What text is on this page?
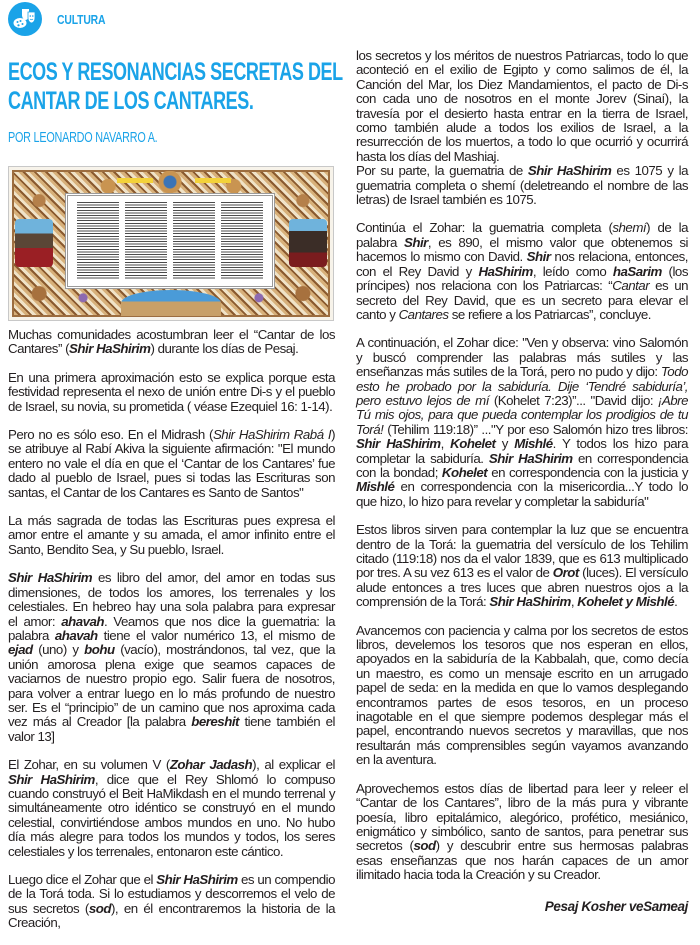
CULTURA
ECOS Y RESONANCIAS SECRETAS DEL
CANTAR DE LOS CANTARES.
POR LEONARDO NAVARRO A.

Muchas comunidades acostumbran leer el “Cantar de los Cantares” (Shir HaShirim) durante los días de Pesaj.

En una primera aproximación esto se explica porque esta festividad representa el nexo de unión entre Di-s y el pueblo de Israel, su novia, su prometida ( véase Ezequiel 16: 1-14).

Pero no es sólo eso. En el Midrash (Shir HaShirim Rabá I) se atribuye al Rabí Akiva la siguiente afirmación: "El mundo entero no vale el día en que el ‘Cantar de los Cantares’ fue dado al pueblo de Israel, pues si todas las Escrituras son santas, el Cantar de los Cantares es Santo de Santos"

La más sagrada de todas las Escrituras pues expresa el amor entre el amante y su amada, el amor infinito entre el Santo, Bendito Sea, y Su pueblo, Israel.

Shir HaShirim es libro del amor, del amor en todas sus dimensiones, de todos los amores, los terrenales y los celestiales. En hebreo hay una sola palabra para expresar el amor: ahavah. Veamos que nos dice la guematria: la palabra ahavah tiene el valor numérico 13, el mismo de ejad (uno) y bohu (vacío), mostrándonos, tal vez, que la unión amorosa plena exige que seamos capaces de vaciarnos de nuestro propio ego. Salir fuera de nosotros, para volver a entrar luego en lo más profundo de nuestro ser. Es el “principio” de un camino que nos aproxima cada vez más al Creador [la palabra bereshit tiene también el valor 13]

El Zohar, en su volumen V (Zohar Jadash), al explicar el Shir HaShirim, dice que el Rey Shlomó lo compuso cuando construyó el Beit HaMikdash en el mundo terrenal y simultáneamente otro idéntico se construyó en el mundo celestial, convirtiéndose ambos mundos en uno. No hubo día más alegre para todos los mundos y todos, los seres celestiales y los terrenales, entonaron este cántico.

Luego dice el Zohar que el Shir HaShirim es un compendio de la Torá toda. Si lo estudiamos y descorremos el velo de sus secretos (sod), en él encontraremos la historia de la Creación,

los secretos y los méritos de nuestros Patriarcas, todo lo que aconteció en el exilio de Egipto y como salimos de él, la Canción del Mar, los Diez Mandamientos, el pacto de Di-s con cada uno de nosotros en el monte Jorev (Sinaí), la travesía por el desierto hasta entrar en la tierra de Israel, como también alude a todos los exilios de Israel, a la resurrección de los muertos, a todo lo que ocurrió y ocurrirá hasta los días del Mashiaj.

Por su parte, la guematria de Shir HaShirim es 1075 y la guematria completa o shemí (deletreando el nombre de las letras) de Israel también es 1075.

Continúa el Zohar: la guematria completa (shemí) de la palabra Shir, es 890, el mismo valor que obtenemos si hacemos lo mismo con David. Shir nos relaciona, entonces, con el Rey David y HaShirim, leído como haSarim (los príncipes) nos relaciona con los Patriarcas: “Cantar es un secreto del Rey David, que es un secreto para elevar el canto y Cantares se refiere a los Patriarcas”, concluye.

A continuación, el Zohar dice: "Ven y observa: vino Salomón y buscó comprender las palabras más sutiles y las enseñanzas más sutiles de la Torá, pero no pudo y dijo: Todo esto he probado por la sabiduría. Dije ‘Tendré sabiduría’, pero estuvo lejos de mí (Kohelet 7:23)”... "David dijo: ¡Abre Tú mis ojos, para que pueda contemplar los prodigios de tu Torá! (Tehilim 119:18)” ..."Y por eso Salomón hizo tres libros: Shir HaShirim, Kohelet y Mishlé. Y todos los hizo para completar la sabiduría. Shir HaShirim en correspondencia con la bondad; Kohelet en correspondencia con la justicia y Mishlé en correspondencia con la misericordia...Y todo lo que hizo, lo hizo para revelar y completar la sabiduría"

Estos libros sirven para contemplar la luz que se encuentra dentro de la Torá: la guematria del versículo de los Tehilim citado (119:18) nos da el valor 1839, que es 613 multiplicado por tres. A su vez 613 es el valor de Orot (luces). El versículo alude entonces a tres luces que abren nuestros ojos a la comprensión de la Torá: Shir HaShirim, Kohelet y Mishlé.

Avancemos con paciencia y calma por los secretos de estos libros, develemos los tesoros que nos esperan en ellos, apoyados en la sabiduría de la Kabbalah, que, como decía un maestro, es como un mensaje escrito en un arrugado papel de seda: en la medida en que lo vamos desplegando encontramos partes de esos tesoros, en un proceso inagotable en el que siempre podemos desplegar más el papel, encontrando nuevos secretos y maravillas, que nos resultarán más comprensibles según vayamos avanzando en la aventura.

Aprovechemos estos días de libertad para leer y releer el “Cantar de los Cantares”, libro de la más pura y vibrante poesía, libro epitalámico, alegórico, profético, mesiánico, enigmático y simbólico, santo de santos, para penetrar sus secretos (sod) y descubrir entre sus hermosas palabras esas enseñanzas que nos harán capaces de un amor ilimitado hacia toda la Creación y su Creador.

Pesaj Kosher veSameaj
